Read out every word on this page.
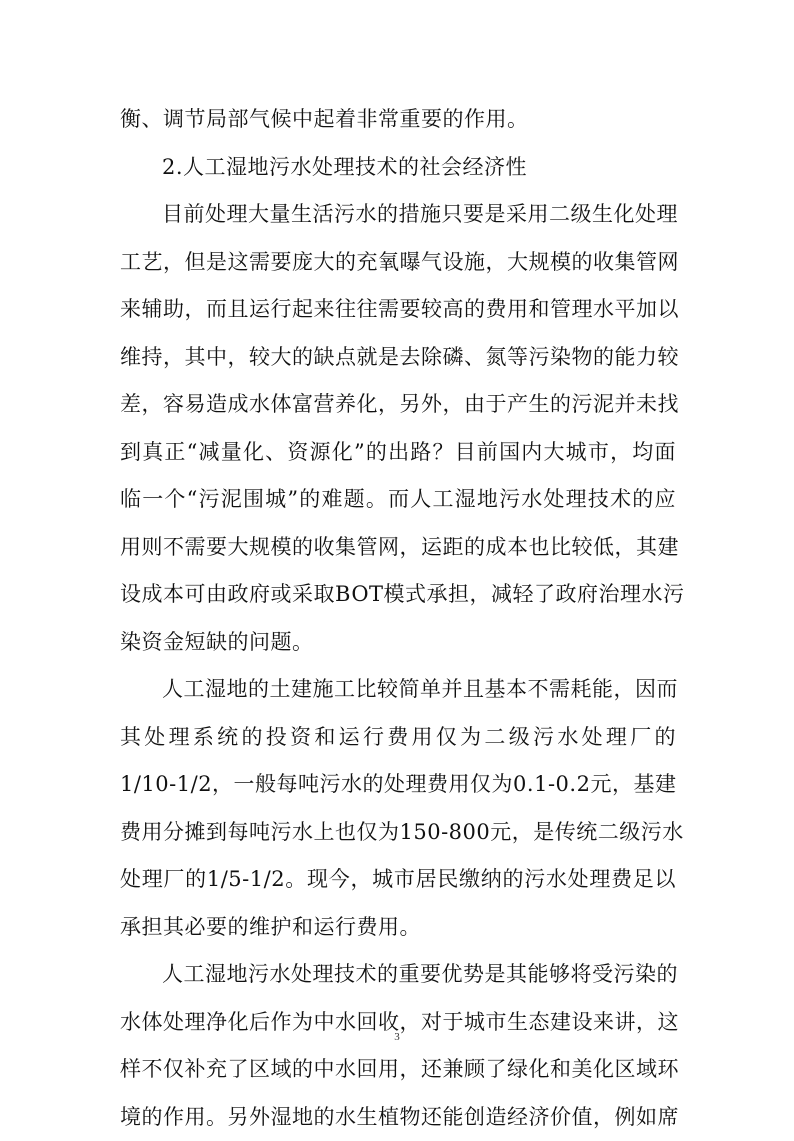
衡、调节局部气候中起着非常重要的作用。
2.人工湿地污水处理技术的社会经济性
目前处理大量生活污水的措施只要是采用二级生化处理
工艺，但是这需要庞大的充氧曝气设施，大规模的收集管网
来辅助，而且运行起来往往需要较高的费用和管理水平加以
维持，其中，较大的缺点就是去除磷、氮等污染物的能力较
差，容易造成水体富营养化，另外，由于产生的污泥并未找
到真正“减量化、资源化”的出路？目前国内大城市，均面
临一个“污泥围城”的难题。而人工湿地污水处理技术的应
用则不需要大规模的收集管网，运距的成本也比较低，其建
设成本可由政府或采取BOT模式承担，减轻了政府治理水污
染资金短缺的问题。
人工湿地的土建施工比较简单并且基本不需耗能，因而
其处理系统的投资和运行费用仅为二级污水处理厂的
1/10-1/2，一般每吨污水的处理费用仅为0.1-0.2元，基建
费用分摊到每吨污水上也仅为150-800元，是传统二级污水
处理厂的1/5-1/2。现今，城市居民缴纳的污水处理费足以
承担其必要的维护和运行费用。
人工湿地污水处理技术的重要优势是其能够将受污染的
水体处理净化后作为中水回收，对于城市生态建设来讲，这
样不仅补充了区域的中水回用，还兼顾了绿化和美化区域环
境的作用。另外湿地的水生植物还能创造经济价值，例如席
3
